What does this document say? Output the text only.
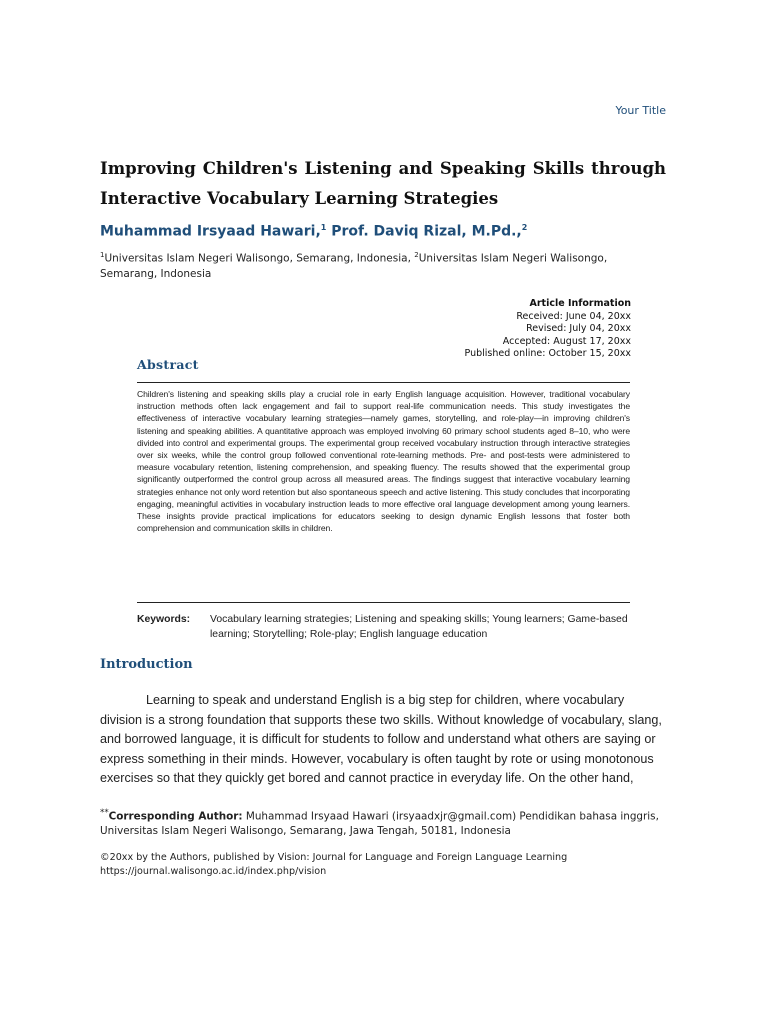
Your Title
Improving Children's Listening and Speaking Skills through Interactive Vocabulary Learning Strategies
Muhammad Irsyaad Hawari,$^1$ Prof. Daviq Rizal, M.Pd.,$^2$
$^1$Universitas Islam Negeri Walisongo, Semarang, Indonesia, $^2$Universitas Islam Negeri Walisongo, Semarang, Indonesia
Article Information
Received: June 04, 20xx
Revised: July 04, 20xx
Accepted: August 17, 20xx
Published online: October 15, 20xx
Abstract

Children's listening and speaking skills play a crucial role in early English language acquisition. However, traditional vocabulary instruction methods often lack engagement and fail to support real-life communication needs. This study investigates the effectiveness of interactive vocabulary learning strategies—namely games, storytelling, and role-play—in improving children's listening and speaking abilities. A quantitative approach was employed involving 60 primary school students aged 8–10, who were divided into control and experimental groups. The experimental group received vocabulary instruction through interactive strategies over six weeks, while the control group followed conventional rote-learning methods. Pre- and post-tests were administered to measure vocabulary retention, listening comprehension, and speaking fluency. The results showed that the experimental group significantly outperformed the control group across all measured areas. The findings suggest that interactive vocabulary learning strategies enhance not only word retention but also spontaneous speech and active listening. This study concludes that incorporating engaging, meaningful activities in vocabulary instruction leads to more effective oral language development among young learners. These insights provide practical implications for educators seeking to design dynamic English lessons that foster both comprehension and communication skills in children.

Keywords:	Vocabulary learning strategies; Listening and speaking skills; Young learners; Game-based learning; Storytelling; Role-play; English language education
Introduction

Learning to speak and understand English is a big step for children, where vocabulary division is a strong foundation that supports these two skills. Without knowledge of vocabulary, slang, and borrowed language, it is difficult for students to follow and understand what others are saying or express something in their minds. However, vocabulary is often taught by rote or using monotonous exercises so that they quickly get bored and cannot practice in everyday life. On the other hand,

**Corresponding Author: Muhammad Irsyaad Hawari (irsyaadxjr@gmail.com) Pendidikan bahasa inggris, Universitas Islam Negeri Walisongo, Semarang, Jawa Tengah, 50181, Indonesia
©20xx by the Authors, published by Vision: Journal for Language and Foreign Language Learning
https://journal.walisongo.ac.id/index.php/vision
